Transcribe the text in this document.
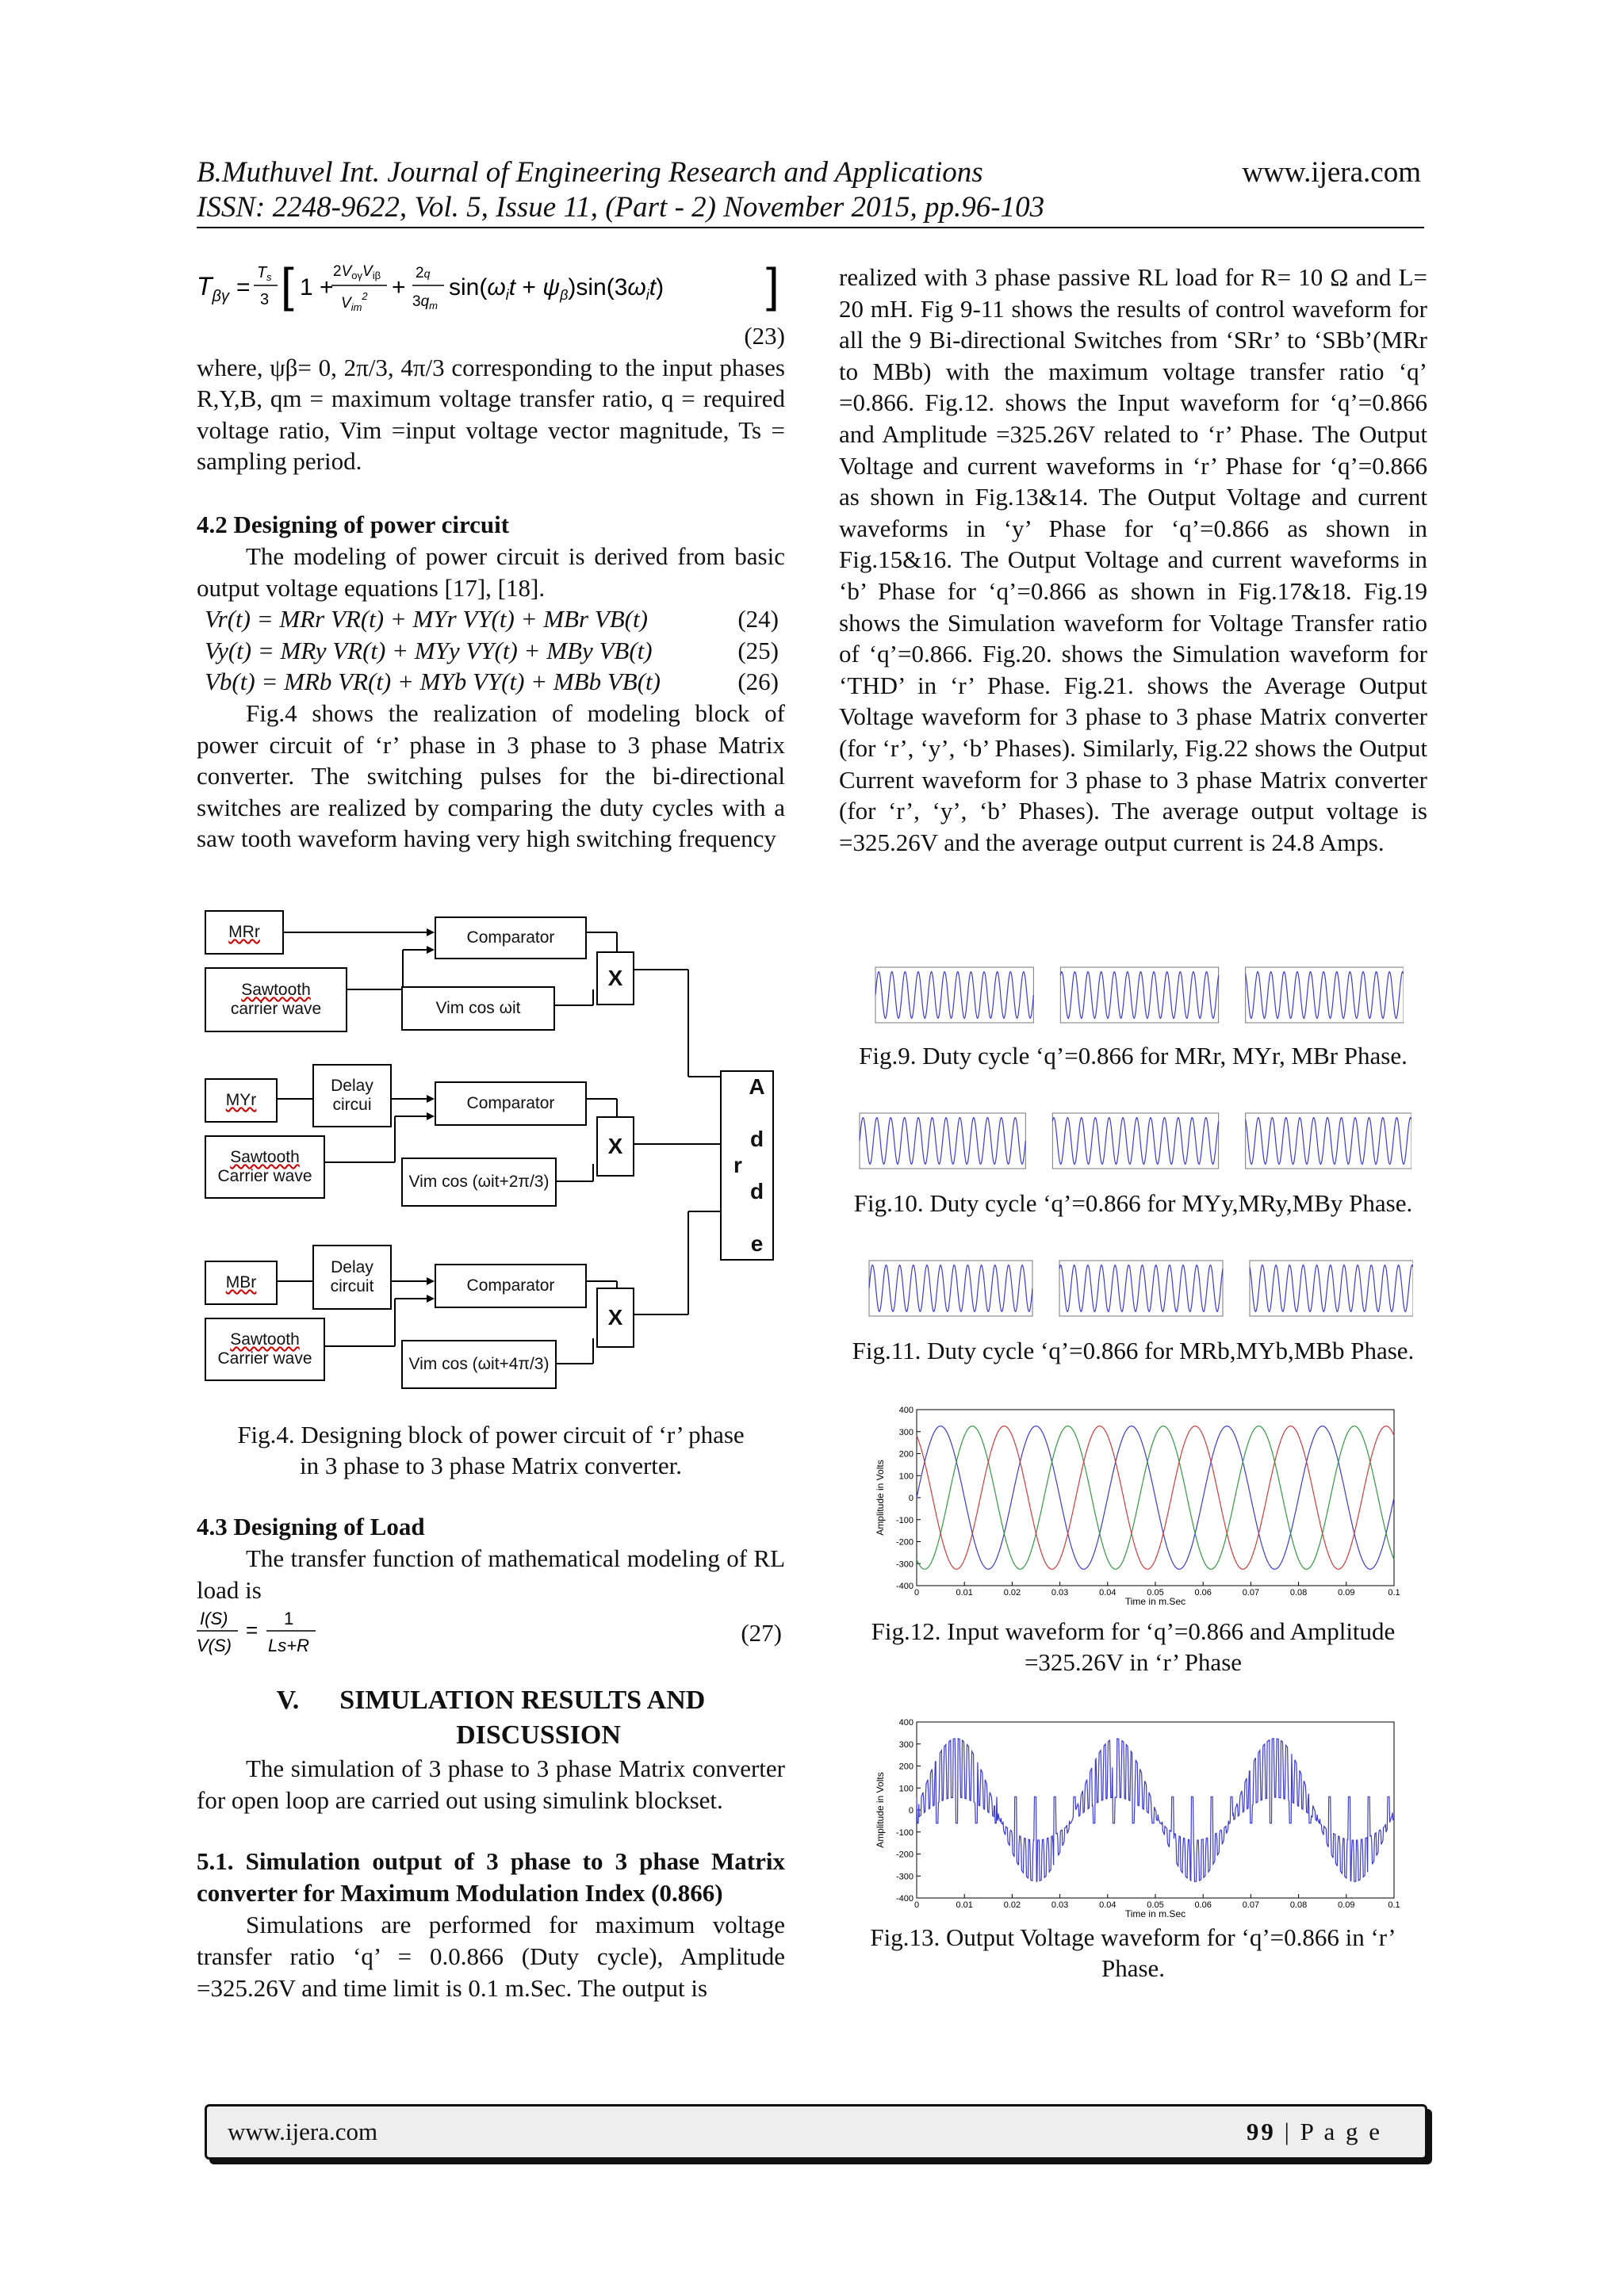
B.Muthuvel Int. Journal of Engineering Research and Applications	www.ijera.com
ISSN: 2248-9622, Vol. 5, Issue 11, (Part - 2) November 2015, pp.96-103
$T_{\beta\gamma}$ =
T s
3 [ 1 +
$2V_{o\gamma}V_{i\beta}$
$V_{im}^2$ +
2q
$3q_m$
$\sin(\omega_it + \psi_\beta)\sin(3\omega_it)$ ]
(23)

where, ψβ= 0, 2π/3, 4π/3 corresponding to the input phases R,Y,B, qm = maximum voltage transfer ratio, q = required voltage ratio, Vim =input voltage vector magnitude, Ts = sampling period.

4.2 Designing of power circuit

The modeling of power circuit is derived from basic output voltage equations [17], [18].

Vr(t) = MRr VR(t) + MYr VY(t) + MBr VB(t)	(24)
Vy(t) = MRy VR(t) + MYy VY(t) + MBy VB(t)	(25)
Vb(t) = MRb VR(t) + MYb VY(t) + MBb VB(t)	(26)

Fig.4 shows the realization of modeling block of power circuit of ‘r’ phase in 3 phase to 3 phase Matrix converter. The switching pulses for the bi-directional switches are realized by comparing the duty cycles with a saw tooth waveform having very high switching frequency

MRr
Sawtooth
carrier wave
Comparator
Vim cos ωit
X
MYr
Delay
circui	Comparator
Sawtooth
Carrier wave	Vim cos (ωit+2π/3)
X	A d d e r
MBr
Delay
circuit	Comparator
Sawtooth
Carrier wave	Vim cos (ωit+4π/3)
X
Fig.4. Designing block of power circuit of ‘r’ phase
in 3 phase to 3 phase Matrix converter.
4.3 Designing of Load

The transfer function of mathematical modeling of RL load is

I(S)
V(S)
= 1
Ls+R	(27)
V.      SIMULATION RESULTS AND
DISCUSSION

The simulation of 3 phase to 3 phase Matrix converter for open loop are carried out using simulink blockset.

5.1. Simulation output of 3 phase to 3 phase Matrix converter for Maximum Modulation Index (0.866)

Simulations are performed for maximum voltage transfer ratio ‘q’ = 0.0.866 (Duty cycle), Amplitude =325.26V and time limit is 0.1 m.Sec. The output is

realized with 3 phase passive RL load for R= 10 Ω and L= 20 mH. Fig 9-11 shows the results of control waveform for all the 9 Bi-directional Switches from ‘SRr’ to ‘SBb’(MRr to MBb) with the maximum voltage transfer ratio ‘q’ =0.866. Fig.12. shows the Input waveform for ‘q’=0.866 and Amplitude =325.26V related to ‘r’ Phase. The Output Voltage and current waveforms in ‘r’ Phase for ‘q’=0.866 as shown in Fig.13&14. The Output Voltage and current waveforms in ‘y’ Phase for ‘q’=0.866 as shown in Fig.15&16. The Output Voltage and current waveforms in ‘b’ Phase for ‘q’=0.866 as shown in Fig.17&18. Fig.19 shows the Simulation waveform for Voltage Transfer ratio of ‘q’=0.866. Fig.20. shows the Simulation waveform for ‘THD’ in ‘r’ Phase. Fig.21. shows the Average Output Voltage waveform for 3 phase to 3 phase Matrix converter (for ‘r’, ‘y’, ‘b’ Phases). Similarly, Fig.22 shows the Output Current waveform for 3 phase to 3 phase Matrix converter (for ‘r’, ‘y’, ‘b’ Phases). The average output voltage is =325.26V and the average output current is 24.8 Amps.

Fig.9. Duty cycle ‘q’=0.866 for MRr, MYr, MBr Phase.
Fig.10. Duty cycle ‘q’=0.866 for MYy,MRy,MBy Phase.
Fig.11. Duty cycle ‘q’=0.866 for MRb,MYb,MBb Phase.
400
300
200
100
0
-100
-200
-300
-400
0	0.01	0.02	0.03	0.04	0.05	0.06	0.07	0.08	0.09	0.1
Time in m.Sec
Amplitude in Volts
Fig.12. Input waveform for ‘q’=0.866 and Amplitude
=325.26V in ‘r’ Phase
400
300
200
100
0
-100
-200
-300
-400
0	0.01	0.02	0.03	0.04	0.05	0.06	0.07	0.08	0.09	0.1
Time in m.Sec
Amplitude in Volts
Fig.13. Output Voltage waveform for ‘q’=0.866 in ‘r’
Phase.
www.ijera.com	99 | P a g e
